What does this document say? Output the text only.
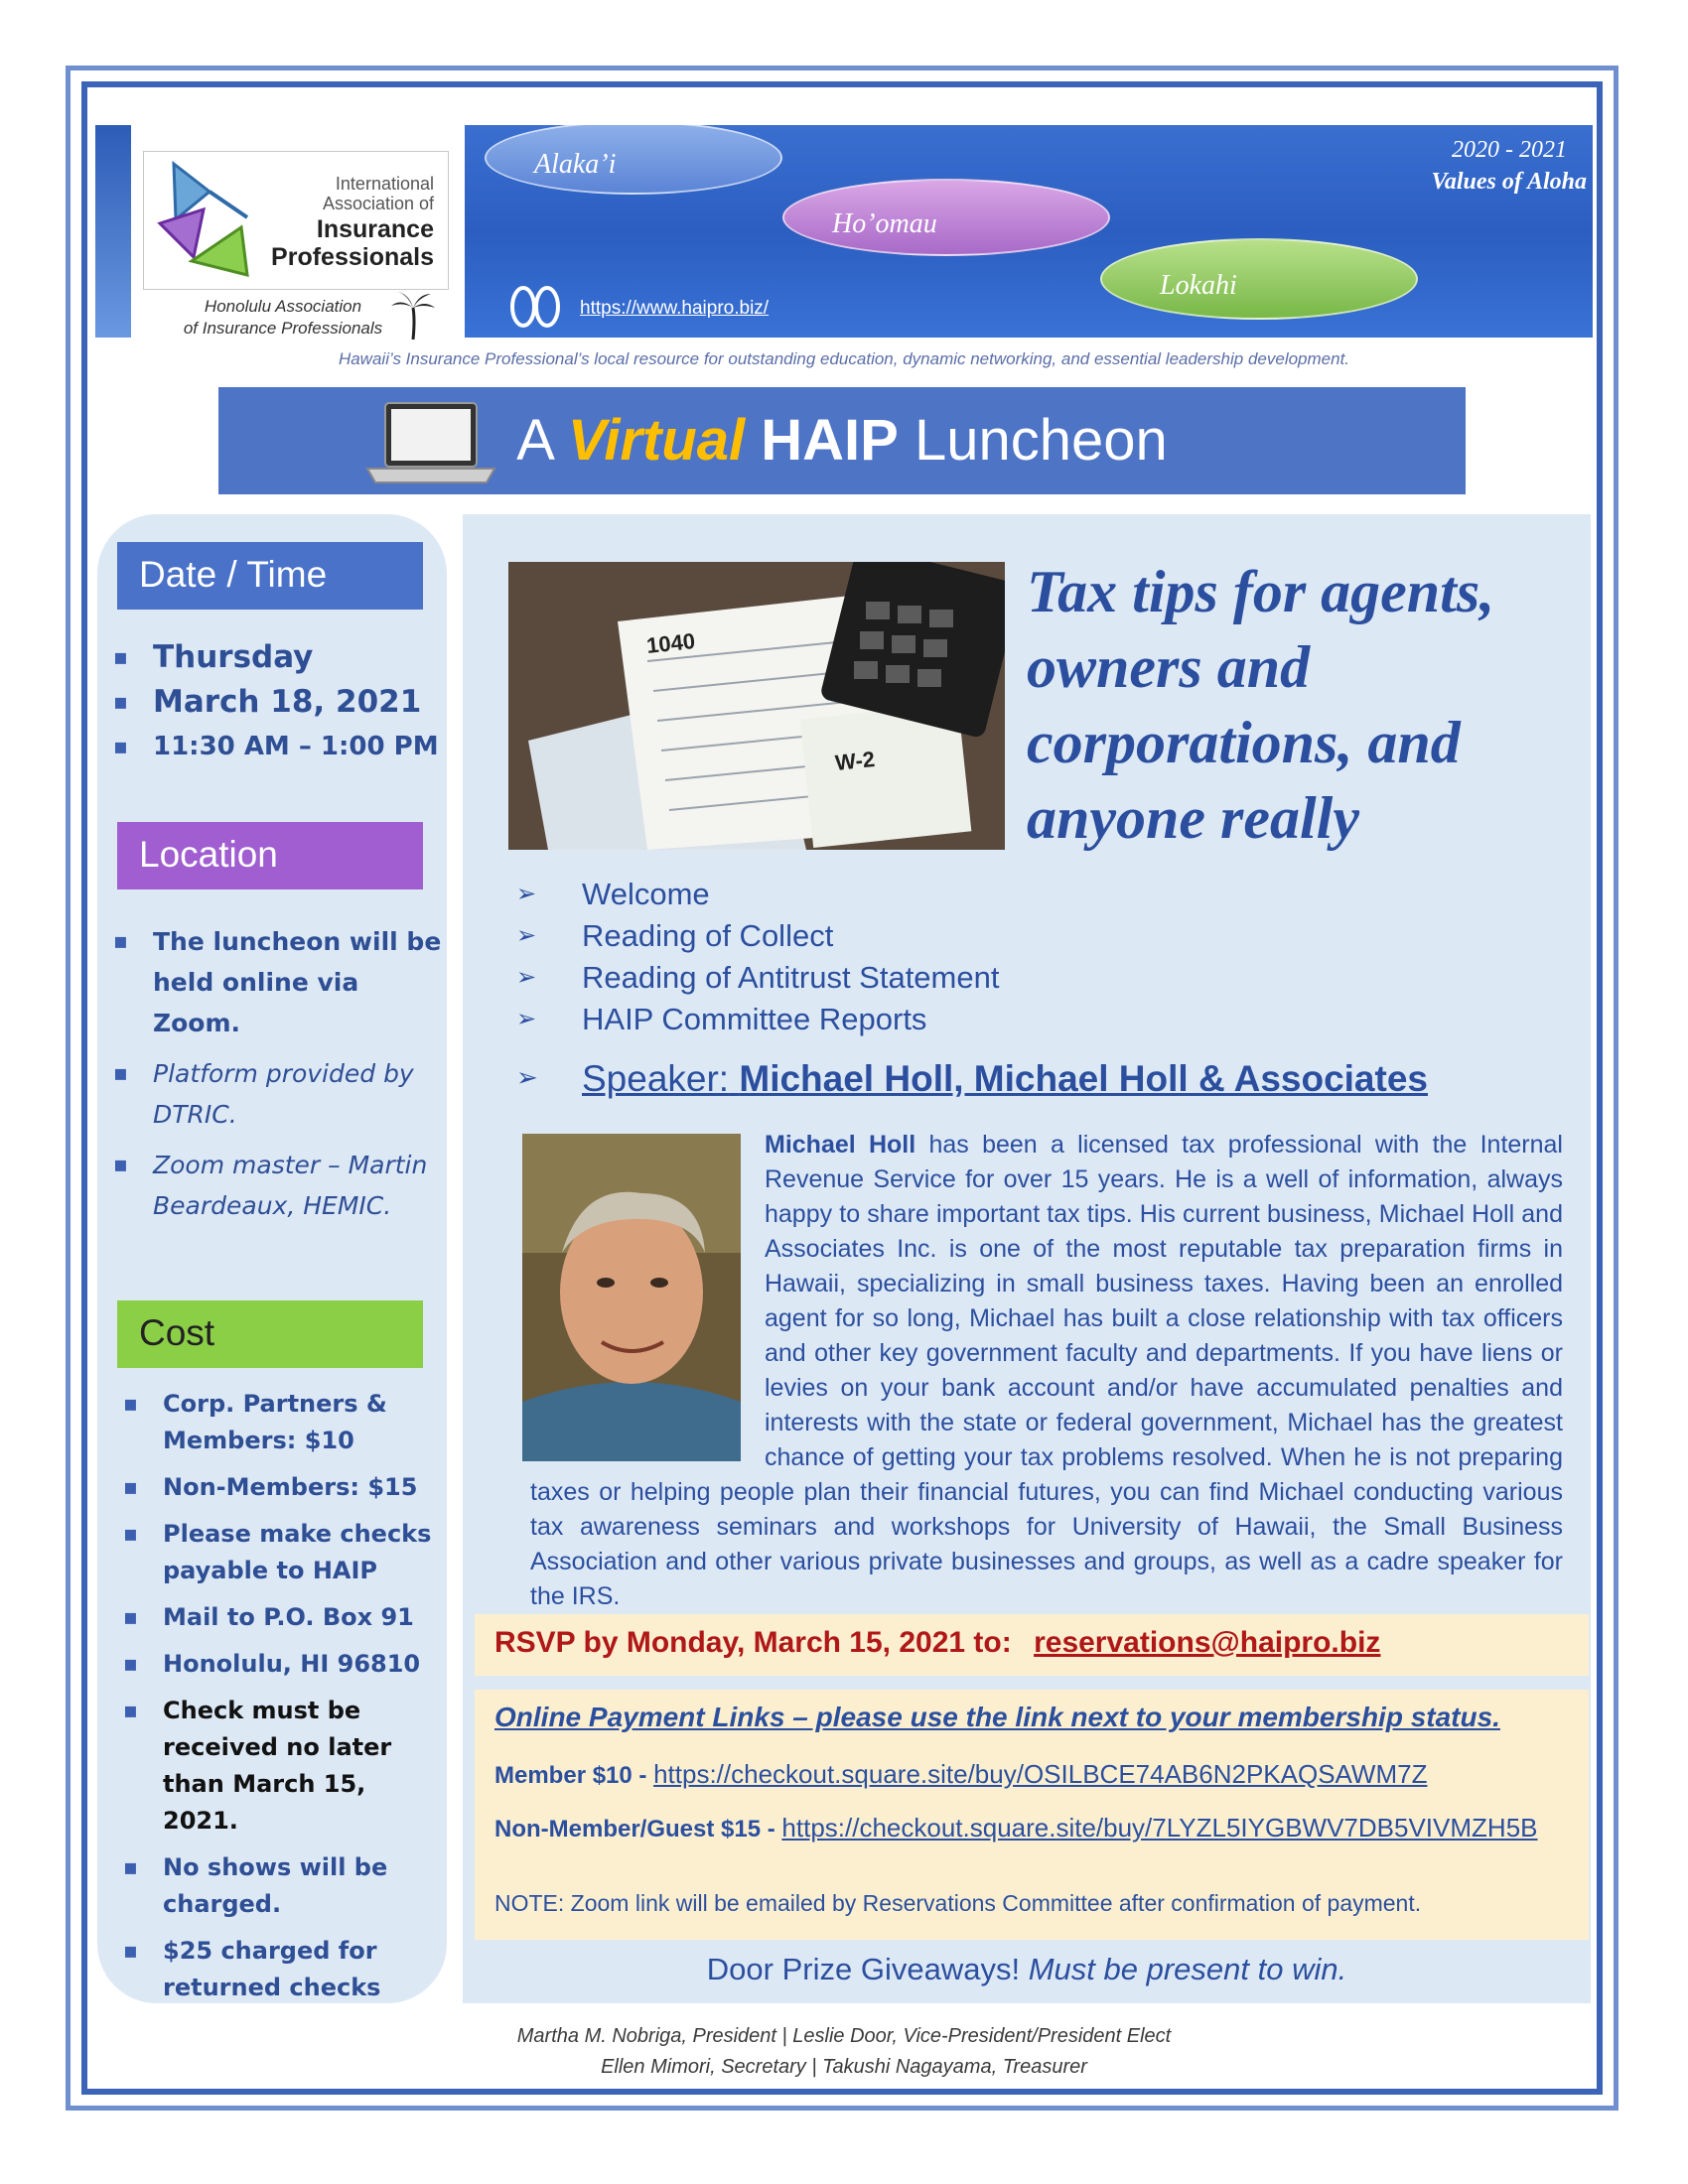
International
Association of
Insurance
Professionals
Honolulu Association
of Insurance Professionals
Alaka’i
Ho’omau
Lokahi
2020 - 2021
Values of Aloha
https://www.haipro.biz/
Hawaii’s Insurance Professional’s local resource for outstanding education, dynamic networking, and essential leadership development.
A Virtual HAIP Luncheon
Date / Time
▪ Thursday
▪ March 18, 2021
▪ 11:30 AM – 1:00 PM
Location
▪ The luncheon will be held online via Zoom.
▪ Platform provided by DTRIC.
▪ Zoom master – Martin Beardeaux, HEMIC.
Cost
▪ Corp. Partners & Members: $10
▪ Non-Members: $15
▪ Please make checks payable to HAIP
▪ Mail to P.O. Box 91
▪ Honolulu, HI 96810
▪ Check must be received no later than March 15, 2021.
▪ No shows will be charged.
▪ $25 charged for returned checks
1040
W-2
Tax tips for agents, owners and corporations, and anyone really
➢ Welcome
➢ Reading of Collect
➢ Reading of Antitrust Statement
➢ HAIP Committee Reports
➢ Speaker: Michael Holl, Michael Holl & Associates
Michael Holl has been a licensed tax professional with the Internal Revenue Service for over 15 years. He is a well of information, always happy to share important tax tips. His current business, Michael Holl and Associates Inc. is one of the most reputable tax preparation firms in Hawaii, specializing in small business taxes. Having been an enrolled agent for so long, Michael has built a close relationship with tax officers and other key government faculty and departments. If you have liens or levies on your bank account and/or have accumulated penalties and interests with the state or federal government, Michael has the greatest chance of getting your tax problems resolved. When he is not preparing taxes or helping people plan their financial futures, you can find Michael conducting various tax awareness seminars and workshops for University of Hawaii, the Small Business Association and other various private businesses and groups, as well as a cadre speaker for the IRS.
RSVP by Monday, March 15, 2021 to: reservations@haipro.biz
Online Payment Links – please use the link next to your membership status.
Member $10 - https://checkout.square.site/buy/OSILBCE74AB6N2PKAQSAWM7Z
Non-Member/Guest $15 - https://checkout.square.site/buy/7LYZL5IYGBWV7DB5VIVMZH5B
NOTE: Zoom link will be emailed by Reservations Committee after confirmation of payment.
Door Prize Giveaways! Must be present to win.
Martha M. Nobriga, President | Leslie Door, Vice-President/President Elect
Ellen Mimori, Secretary | Takushi Nagayama, Treasurer
